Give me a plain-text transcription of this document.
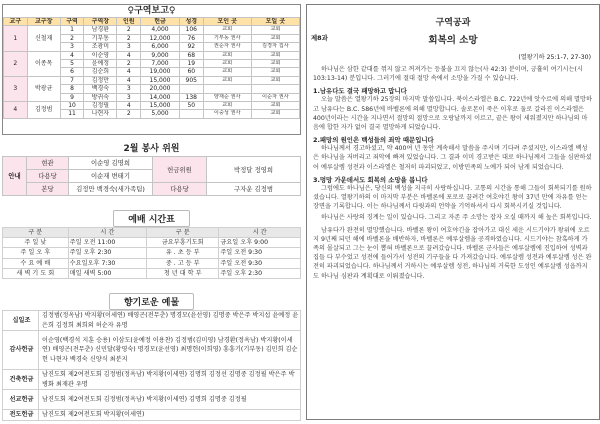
♀구역보고♀
교구	교구장	구역	구역장	인원	헌금	성경	모인 곳	모일 곳
1	신철재	1	남경환	2	4,000	106	교회	교회
		2	기부동	2	12,000	76	기부동 권사	교회
		3	조광미	3	6,000	92	권순자 권사	김경자 집사
2	이종목	4	이순영	4	9,000	68	교회	교회
		5	윤예정	2	7,000	19	교회	교회
		6	김순희	4	19,000	60	교회	교회
3	박광균	7	김정만	4	15,000	905	교회	교회
		8	백경숙	3	20,000			
		9	방귀숙	3	14,000	138	양재순 권사	이순자 권사
4	김정범	10	김정필	4	15,000	50	교회	교회
		11	나현자	2	5,000		이중성 권사	교회
2월 봉사 위원
안내	현관	이순영 김명희	헌금위원	박정달 정영희
	다용당	이순재 변태기		
	본당	김정만 백경숙(새가족팀)	다용당	구자운 김정범
예배 시간표
구 분	시 간	구 분	시 간
주 일 낮	주일 오전 11:00	금요부흥기도회	금요일 오후 9:00
주 일 오 후	주일 오후 2:30	유 . 초 등 부	주일 오전 9:30
수 요 예 배	수요일오후 7:30	중 . 고 등 부	주일 오전 9:30
새 벽 기 도 회	매일 새벽 5:00	청 년 대 학 부	주일 오후 2:30
향기로운 예물
십일조	김정범(정옥남) 박지황(이세연) 배영곤(전무춘) 명경모(윤선영) 김명중 박은주 박지섭 윤예정 윤은희 김정희 최희외 허순자 유명
감사헌금	이순영(백경석 지훈 승용) 이삼도(윤예정 이용찬) 김정범(김미영) 남경환(정옥남) 박지황(이세연) 배영곤(전무춘) 신민달(황영숙) 명경모(윤선영) 최명헌(이희영) 흥흥기(기부동) 김민희 김순헌 나현자 백경숙 신양식 최분지
건축헌금	남진도회 제2여전도회 김정범(정옥남) 박지황(이세연) 김명희 김정선 김명중 김정필 박은주 박병화 최재관 우명
선교헌금	남진도회 제2여전도회 김정범(정옥남) 박지황(이세연) 김명희 김명중 김정필
전도헌금	남진도회 제2여전도회 박지황(이세연)
구역공과
제8과	회복의 소망
(열왕기하 25:1-7, 27-30)
하나님은 삼한 같대를 꺾지 않고 꺼져가는 등불을 끄지 않는(사 42:3) 분이며, 긍휼히 여기시는(시 103:13-14) 분입니다. 그러기에 절대 절망 속에서 소망을 가질 수 있습니다.
1.남유다도 결국 패망하고 맙니다
오늘 말씀은 열왕기하 25장의 마지막 말씀입니다. 북이스라엘은 B.C. 722년에 앗수르에 의해 멸망하고 남유다는 B.C. 586년에 바벨론에 의해 멸망합니다. 솔로몬이 죽은 이후로 둘로 갈라진 이스라엘은 400년이라는 시간을 지나면서 절망의 절망으로 오랑날까지 이르고, 끝은 왕이 세워졌지만 하나님의 마음에 합한 자가 없어 결국 멸망하게 되었습니다.
2.패망의 원인은 백성들의 죄악 때문입니다
하나님께서 경고하셨고, 약 400여 년 동안 계속해서 말씀을 주시며 기다려 주셨지만, 이스라엘 백성은 하나님을 저버리고 죄악에 빠져 있었습니다. 그 결과 이미 경고받은 대로 하나님께서 그들을 심판하셨어 예루살렘 성전과 이스라엘은 철저히 파괴되었고, 이방민족의 노예가 되어 남게 되었습니다.
3.멍망 가운데서도 회복의 소망을 봅니다
그럼에도 하나님은, 당신의 백성을 지극히 사랑하십니다. 고통의 시간을 통해 그들이 회복되기를 원하셨습니다. 열왕기하의 이 마지막 부분은 바벨론에 포로로 끌려간 여호야긴 왕이 37년 만에 자유를 얻는 장면을 기록합니다. 이는 하나님께서 다윗과의 언약을 기억하셔서 다시 회복시키실 것입니다.
하나님은 사랑의 징계는 일이 있습니다. 그리고 자존 주 소망는 잡자 오실 때까지 해 높은 회복입니다.
남유다가 완전히 멸망했습니다. 바벨론 왕이 여호야긴을 잡아가고 대신 세운 시드기야가 왕위에 오르지 9년째 되던 해에 바벨론을 배반하자, 바벨론은 예루살렘을 공격하였습니다. 시드기야는 참혹하게 가족의 몰살되고 그는 눈이 뽑혀 바벨론으로 끌려갔습니다. 바벨론 군사들은 예루살렘에 진입하여 성벽과 집들 다 부수었고 성전에 들어가서 성전의 기구들을 다 가져갔습니다. 예루살렘 성전과 예루살렘 성은 완전히 파괴되었습니다. 하나님께서 거하시는 예루살렘 성전, 하나님의 거룩한 도성인 예루살렘 성읍까지도 하나님 심판과 계획대로 이뤄졌습니다.
